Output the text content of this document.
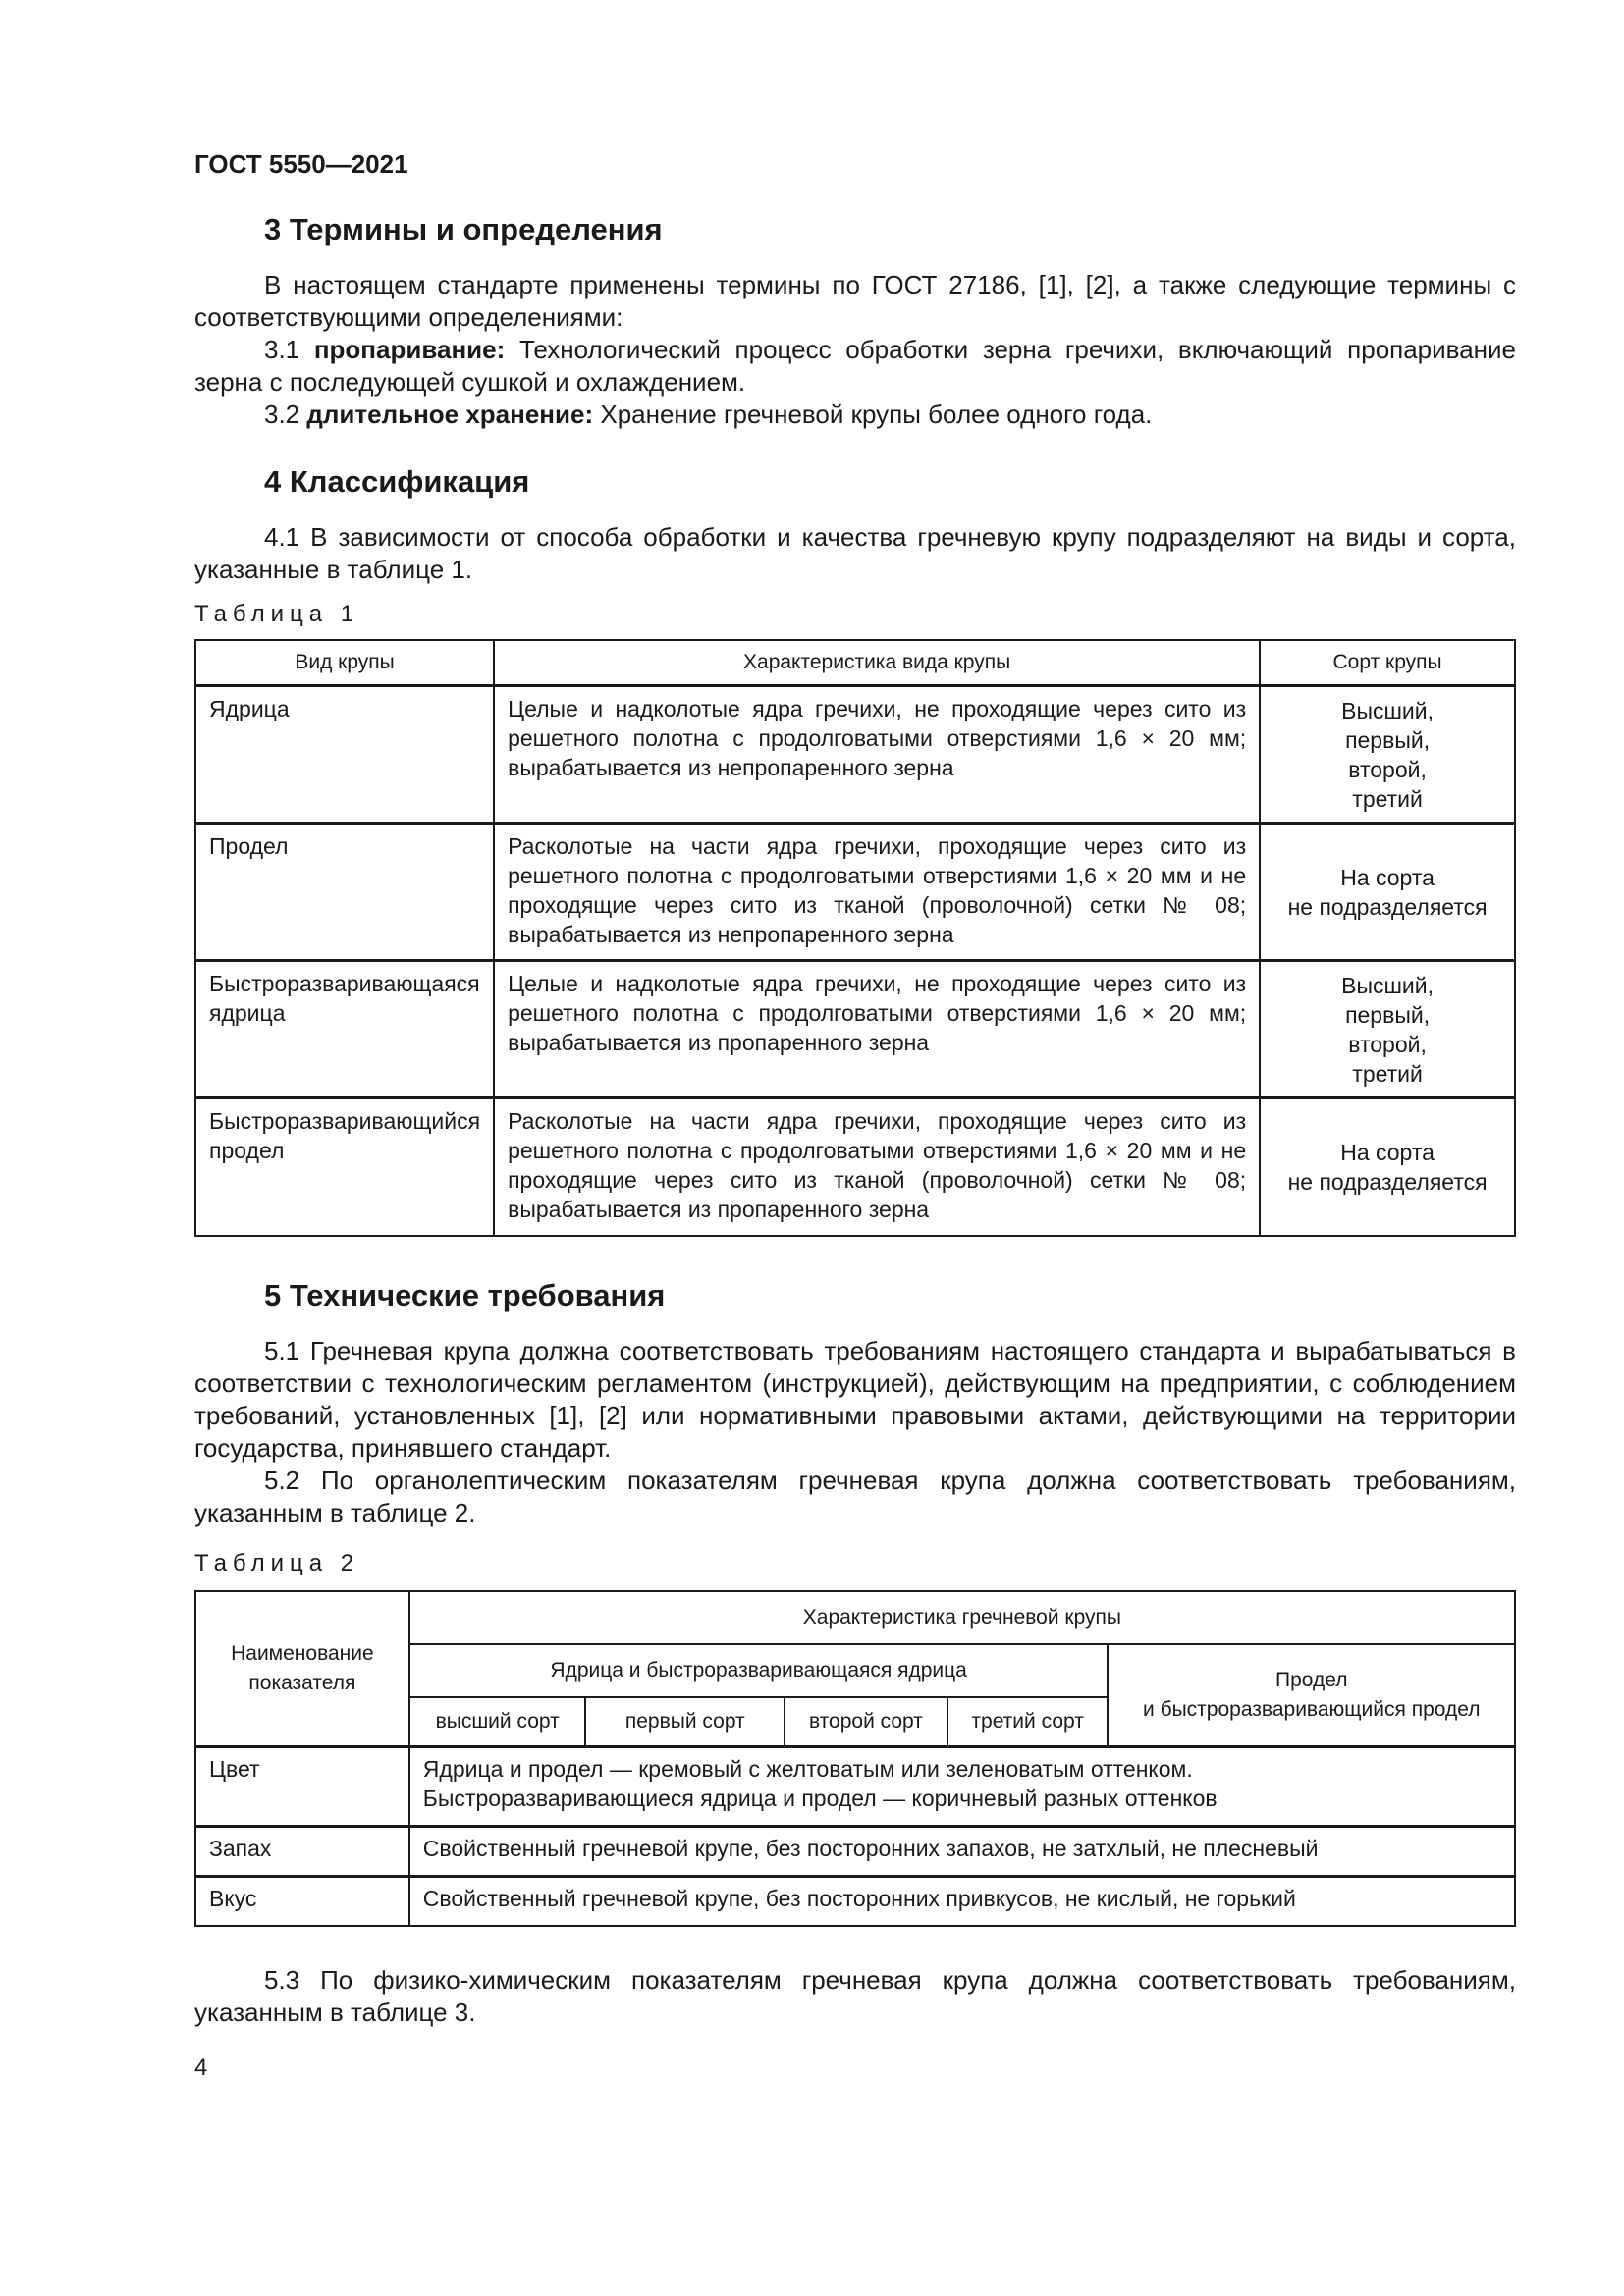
ГОСТ 5550—2021
3 Термины и определения

В настоящем стандарте применены термины по ГОСТ 27186, [1], [2], а также следующие термины с соответствующими определениями:

3.1 пропаривание: Технологический процесс обработки зерна гречихи, включающий пропаривание зерна с последующей сушкой и охлаждением.

3.2 длительное хранение: Хранение гречневой крупы более одного года.

4 Классификация

4.1 В зависимости от способа обработки и качества гречневую крупу подразделяют на виды и сорта, указанные в таблице 1.

Таблица 1
Вид крупы	Характеристика вида крупы	Сорт крупы
Ядрица	Целые и надколотые ядра гречихи, не проходящие через сито из решетного полотна с продолговатыми отверстиями 1,6 × 20 мм; вырабатывается из непропаренного зерна	Высший,
первый,
второй,
третий
Продел	Расколотые на части ядра гречихи, проходящие через сито из решетного полотна с продолговатыми отверстиями 1,6 × 20 мм и не проходящие через сито из тканой (проволочной) сетки № 08; вырабатывается из непропаренного зерна	На сорта
не подразделяется
Быстроразваривающаяся ядрица	Целые и надколотые ядра гречихи, не проходящие через сито из решетного полотна с продолговатыми отверстиями 1,6 × 20 мм; вырабатывается из пропаренного зерна	Высший,
первый,
второй,
третий
Быстроразваривающийся продел	Расколотые на части ядра гречихи, проходящие через сито из решетного полотна с продолговатыми отверстиями 1,6 × 20 мм и не проходящие через сито из тканой (проволочной) сетки № 08; вырабатывается из пропаренного зерна	На сорта
не подразделяется
5 Технические требования

5.1 Гречневая крупа должна соответствовать требованиям настоящего стандарта и вырабатываться в соответствии с технологическим регламентом (инструкцией), действующим на предприятии, с соблюдением требований, установленных [1], [2] или нормативными правовыми актами, действующими на территории государства, принявшего стандарт.

5.2 По органолептическим показателям гречневая крупа должна соответствовать требованиям, указанным в таблице 2.

Таблица 2
Наименование
показателя	Характеристика гречневой крупы				
	Ядрица и быстроразваривающаяся ядрица				Продел
и быстроразваривающийся продел
	высший сорт	первый сорт	второй сорт	третий сорт	
Цвет	Ядрица и продел — кремовый с желтоватым или зеленоватым оттенком.
Быстроразваривающиеся ядрица и продел — коричневый разных оттенков				
Запах	Свойственный гречневой крупе, без посторонних запахов, не затхлый, не плесневый				
Вкус	Свойственный гречневой крупе, без посторонних привкусов, не кислый, не горький				

5.3 По физико-химическим показателям гречневая крупа должна соответствовать требованиям, указанным в таблице 3.

4
